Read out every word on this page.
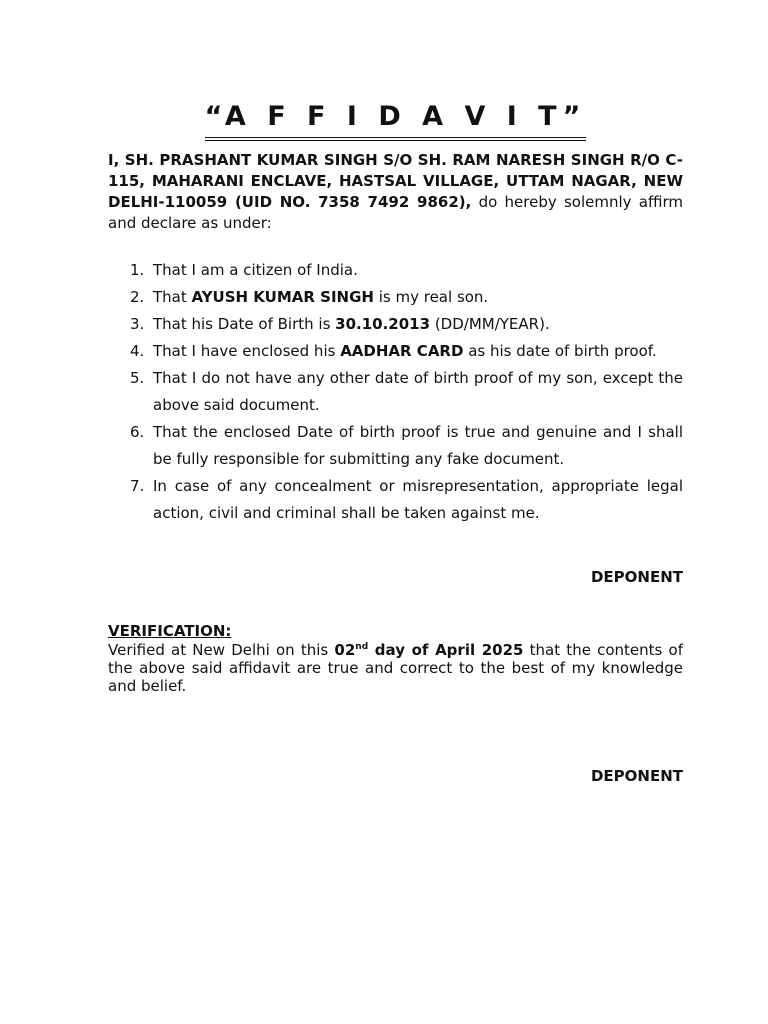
“A F F I D A V I T”

I, SH. PRASHANT KUMAR SINGH S/O SH. RAM NARESH SINGH R/O C-115, MAHARANI ENCLAVE, HASTSAL VILLAGE, UTTAM NAGAR, NEW DELHI-110059 (UID NO. 7358 7492 9862), do hereby solemnly affirm and declare as under:

1. That I am a citizen of India.
2. That AYUSH KUMAR SINGH is my real son.
3. That his Date of Birth is 30.10.2013 (DD/MM/YEAR).
4. That I have enclosed his AADHAR CARD as his date of birth proof.
5. That I do not have any other date of birth proof of my son, except the above said document.
6. That the enclosed Date of birth proof is true and genuine and I shall be fully responsible for submitting any fake document.
7. In case of any concealment or misrepresentation, appropriate legal action, civil and criminal shall be taken against me.
DEPONENT
VERIFICATION:

Verified at New Delhi on this 02nd day of April 2025 that the contents of the above said affidavit are true and correct to the best of my knowledge and belief.

DEPONENT
